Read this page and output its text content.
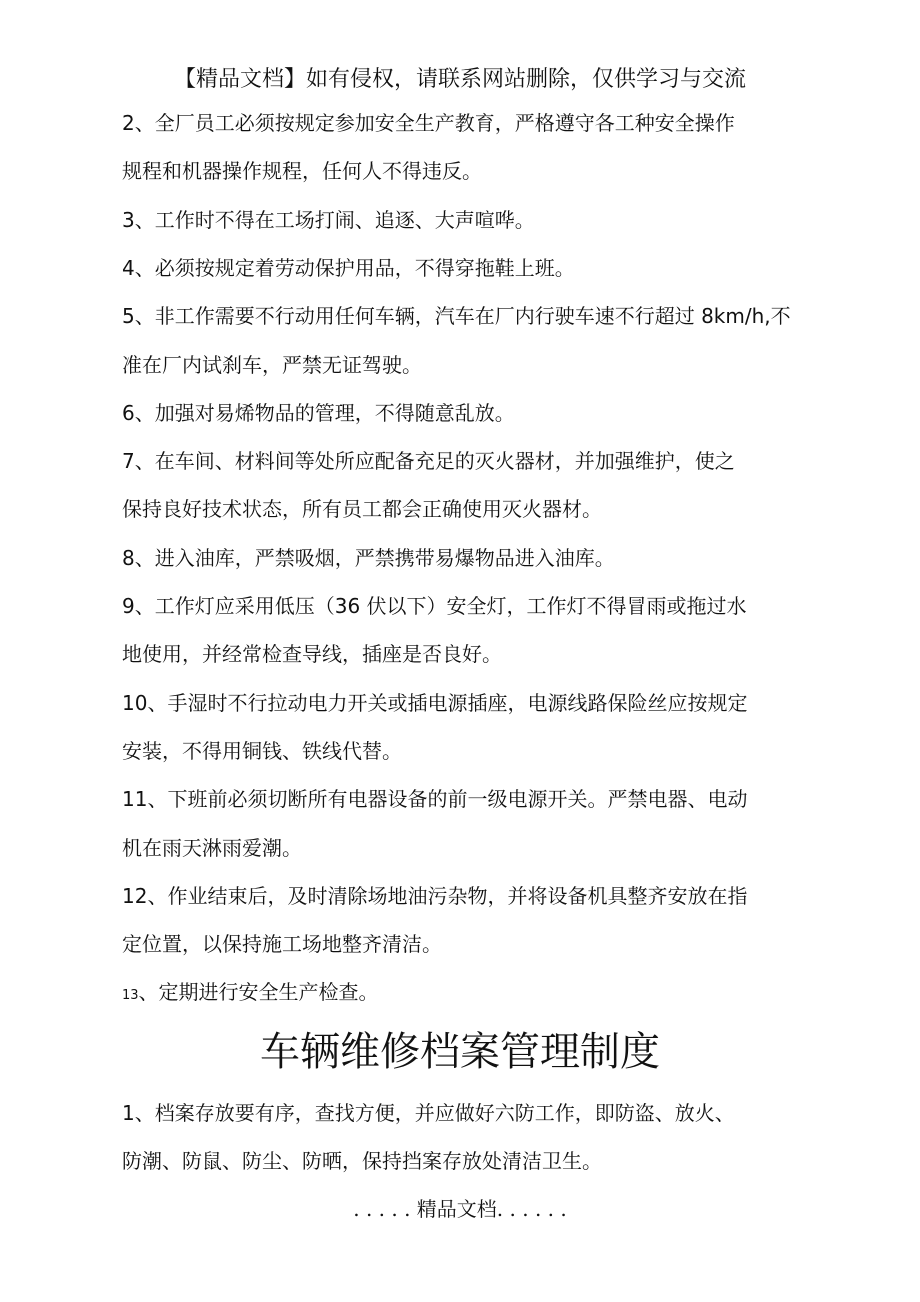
【精品文档】如有侵权，请联系网站删除，仅供学习与交流
2、全厂员工必须按规定参加安全生产教育，严格遵守各工种安全操作
规程和机器操作规程，任何人不得违反。
3、工作时不得在工场打闹、追逐、大声喧哗。
4、必须按规定着劳动保护用品，不得穿拖鞋上班。
5、非工作需要不行动用任何车辆，汽车在厂内行驶车速不行超过 8km/h,不
准在厂内试刹车，严禁无证驾驶。
6、加强对易烯物品的管理，不得随意乱放。
7、在车间、材料间等处所应配备充足的灭火器材，并加强维护，使之
保持良好技术状态，所有员工都会正确使用灭火器材。
8、进入油库，严禁吸烟，严禁携带易爆物品进入油库。
9、工作灯应采用低压（36 伏以下）安全灯，工作灯不得冒雨或拖过水
地使用，并经常检查导线，插座是否良好。
10、手湿时不行拉动电力开关或插电源插座，电源线路保险丝应按规定
安装，不得用铜钱、铁线代替。
11、下班前必须切断所有电器设备的前一级电源开关。严禁电器、电动
机在雨天淋雨爱潮。
12、作业结束后，及时清除场地油污杂物，并将设备机具整齐安放在指
定位置，以保持施工场地整齐清洁。
13、定期进行安全生产检查。
车辆维修档案管理制度
1、档案存放要有序，查找方便，并应做好六防工作，即防盗、放火、
防潮、防鼠、防尘、防晒，保持挡案存放处清洁卫生。
. . . . . 精品文档. . . . . .
